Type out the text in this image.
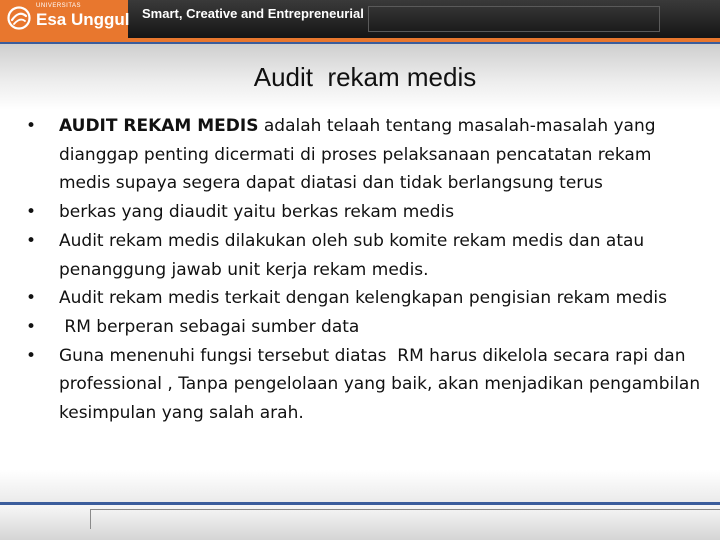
UNIVERSITAS
Esa Unggul Smart, Creative and Entrepreneurial
Audit  rekam medis
• AUDIT REKAM MEDIS adalah telaah tentang masalah-masalah yang dianggap penting dicermati di proses pelaksanaan pencatatan rekam medis supaya segera dapat diatasi dan tidak berlangsung terus
• berkas yang diaudit yaitu berkas rekam medis
• Audit rekam medis dilakukan oleh sub komite rekam medis dan atau penanggung jawab unit kerja rekam medis.
• Audit rekam medis terkait dengan kelengkapan pengisian rekam medis
• RM berperan sebagai sumber data
• Guna menenuhi fungsi tersebut diatas  RM harus dikelola secara rapi dan professional , Tanpa pengelolaan yang baik, akan menjadikan pengambilan kesimpulan yang salah arah.
